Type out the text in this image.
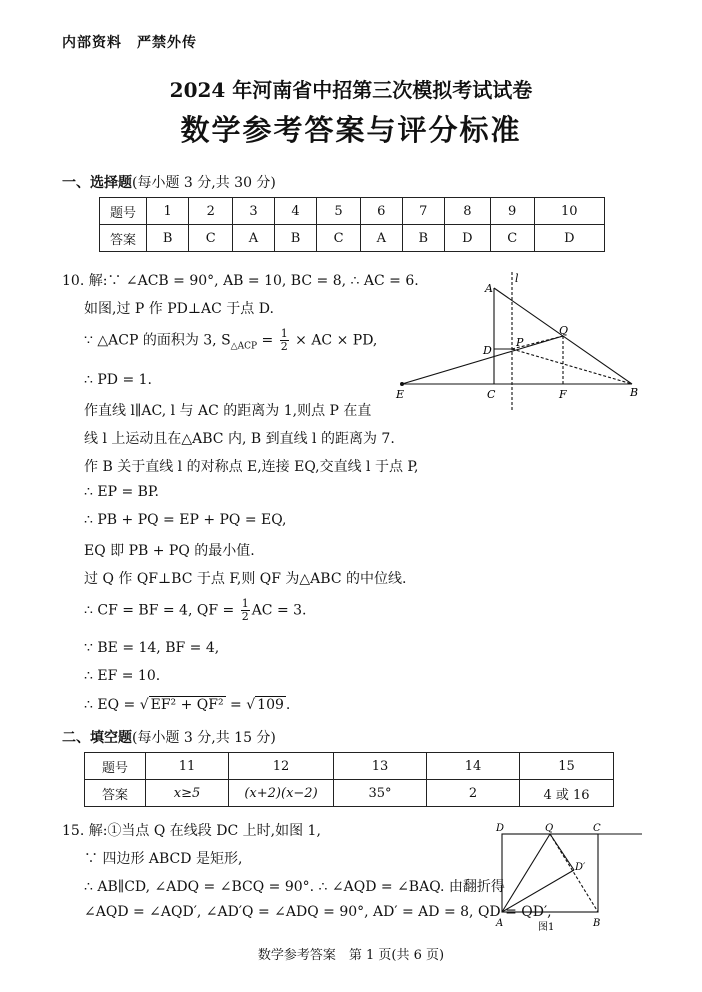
内部资料　严禁外传
2024 年河南省中招第三次模拟考试试卷
数学参考答案与评分标准
一、选择题(每小题 3 分,共 30 分)
题号	1	2	3	4	5	6	7	8	9	10
答案	B	C	A	B	C	A	B	D	C	D
10. 解:∵ ∠ACB = 90°, AB = 10, BC = 8, ∴ AC = 6.
如图,过 P 作 PD⊥AC 于点 D.
∵ △ACP 的面积为 3, $S_{\triangle ACP} = \frac{1}{2}$ × AC × PD,
∴ PD = 1.
作直线 l∥AC, l 与 AC 的距离为 1,则点 P 在直
线 l 上运动且在△ABC 内, B 到直线 l 的距离为 7.
作 B 关于直线 l 的对称点 E,连接 EQ,交直线 l 于点 P,
∴ EP = BP.
∴ PB + PQ = EP + PQ = EQ,
EQ 即 PB + PQ 的最小值.
过 Q 作 QF⊥BC 于点 F,则 QF 为△ABC 的中位线.
∴ CF = BF = 4, QF = $\frac{1}{2}$ AC = 3.
∵ BE = 14, BF = 4,
∴ EF = 10.
∴ EQ = √ EF² + QF² = √ 109 .
A
B
C
D
E	F
P
Q
l
二、填空题(每小题 3 分,共 15 分)
题号	11	12	13	14	15
答案	x≥5	(x+2)(x−2)	35°	2	4 或 16
15. 解:①当点 Q 在线段 DC 上时,如图 1,
∵ 四边形 ABCD 是矩形,
∴ AB∥CD, ∠ADQ = ∠BCQ = 90°. ∴ ∠AQD = ∠BAQ. 由翻折得
∠AQD = ∠AQD′, ∠AD′Q = ∠ADQ = 90°, AD′ = AD = 8, QD = QD′,
D	Q	C
D′
A	B
图1
数学参考答案　第 1 页(共 6 页)
